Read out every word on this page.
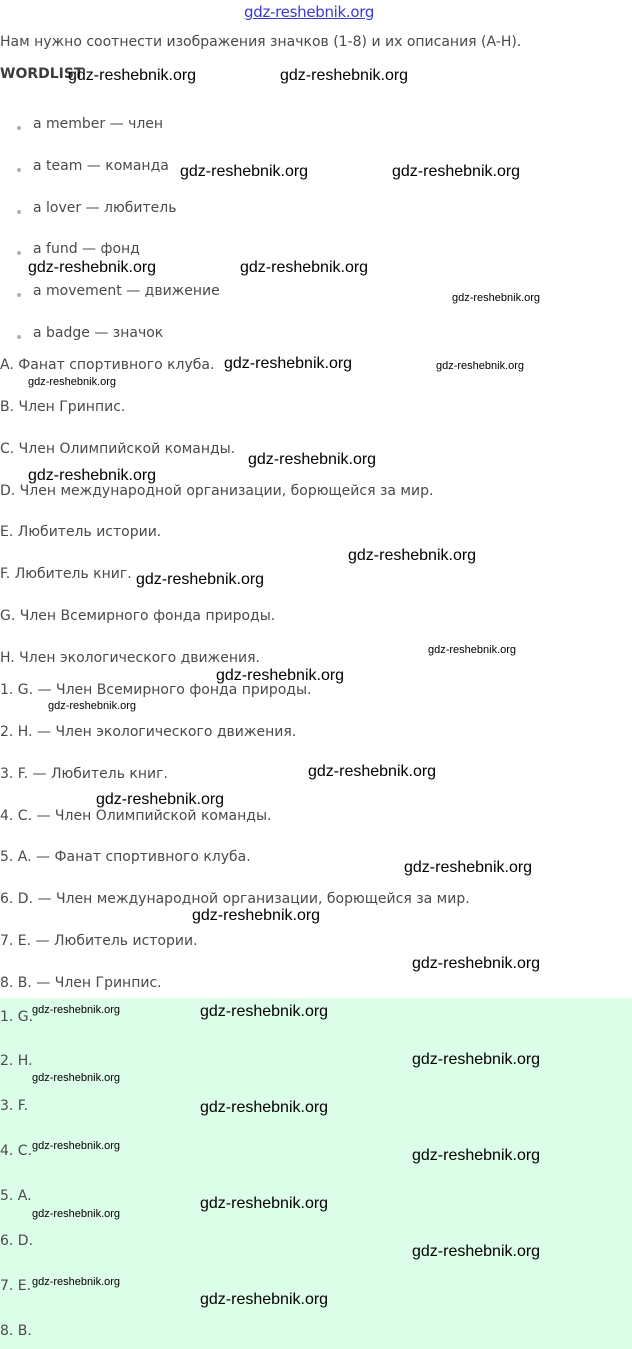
gdz-reshebnik.org
Нам нужно соотнести изображения значков (1-8) и их описания (A-H).
WORDLIST
a member — член
a team — команда
a lover — любитель
a fund — фонд
a movement — движение
a badge — значок
A. Фанат спортивного клуба.
B. Член Гринпис.
C. Член Олимпийской команды.
D. Член международной организации, борющейся за мир.
E. Любитель истории.
F. Любитель книг.
G. Член Всемирного фонда природы.
H. Член экологического движения.
1. G. — Член Всемирного фонда природы.
2. H. — Член экологического движения.
3. F. — Любитель книг.
4. C. — Член Олимпийской команды.
5. A. — Фанат спортивного клуба.
6. D. — Член международной организации, борющейся за мир.
7. E. — Любитель истории.
8. B. — Член Гринпис.
1. G.
2. H.
3. F.
4. C.
5. A.
6. D.
7. E.
8. B.
gdz-reshebnik.org	gdz-reshebnik.org
gdz-reshebnik.org	gdz-reshebnik.org
gdz-reshebnik.org	gdz-reshebnik.org
gdz-reshebnik.org
gdz-reshebnik.org	gdz-reshebnik.org
gdz-reshebnik.org
gdz-reshebnik.org
gdz-reshebnik.org
gdz-reshebnik.org
gdz-reshebnik.org
gdz-reshebnik.org
gdz-reshebnik.org
gdz-reshebnik.org
gdz-reshebnik.org
gdz-reshebnik.org
gdz-reshebnik.org
gdz-reshebnik.org
gdz-reshebnik.org
gdz-reshebnik.org	gdz-reshebnik.org
gdz-reshebnik.org
gdz-reshebnik.org
gdz-reshebnik.org
gdz-reshebnik.org
gdz-reshebnik.org
gdz-reshebnik.org
gdz-reshebnik.org
gdz-reshebnik.org
gdz-reshebnik.org
gdz-reshebnik.org
